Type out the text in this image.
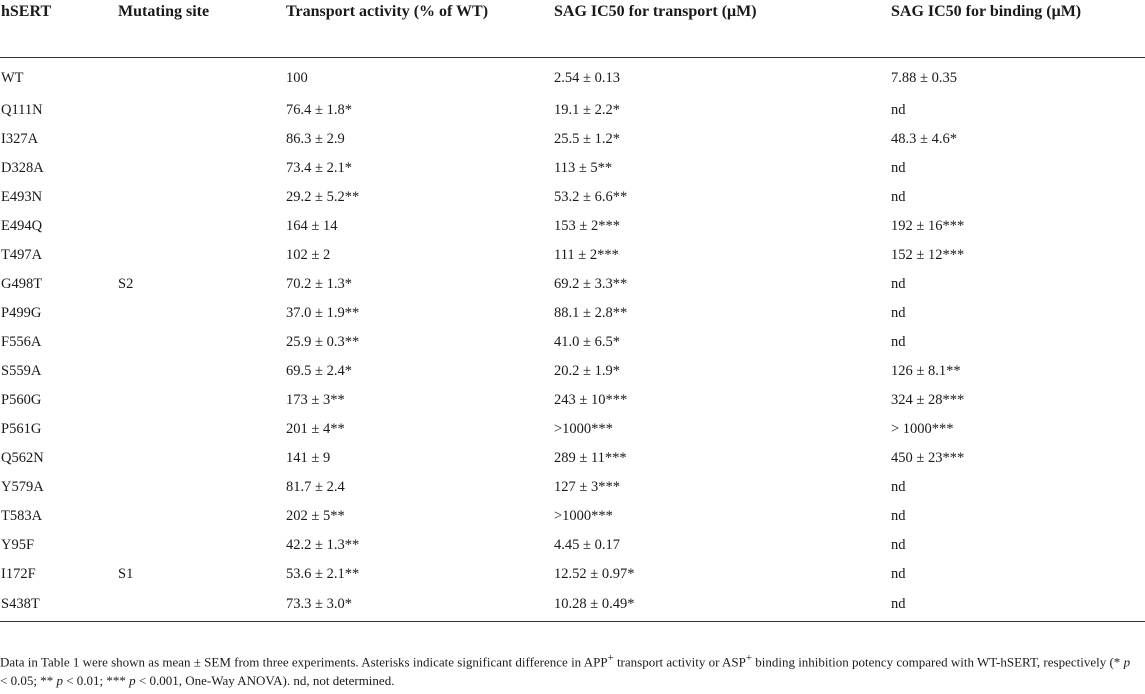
hSERT	Mutating site	Transport activity (% of WT)	SAG IC50 for transport (μM)	SAG IC50 for binding (μM)
WT		100	2.54 ± 0.13	7.88 ± 0.35
Q111N		76.4 ± 1.8*	19.1 ± 2.2*	nd
I327A		86.3 ± 2.9	25.5 ± 1.2*	48.3 ± 4.6*
D328A		73.4 ± 2.1*	113 ± 5**	nd
E493N		29.2 ± 5.2**	53.2 ± 6.6**	nd
E494Q		164 ± 14	153 ± 2***	192 ± 16***
T497A		102 ± 2	111 ± 2***	152 ± 12***
G498T	S2	70.2 ± 1.3*	69.2 ± 3.3**	nd
P499G		37.0 ± 1.9**	88.1 ± 2.8**	nd
F556A		25.9 ± 0.3**	41.0 ± 6.5*	nd
S559A		69.5 ± 2.4*	20.2 ± 1.9*	126 ± 8.1**
P560G		173 ± 3**	243 ± 10***	324 ± 28***
P561G		201 ± 4**	>1000***	> 1000***
Q562N		141 ± 9	289 ± 11***	450 ± 23***
Y579A		81.7 ± 2.4	127 ± 3***	nd
T583A		202 ± 5**	>1000***	nd
Y95F		42.2 ± 1.3**	4.45 ± 0.17	nd
I172F	S1	53.6 ± 2.1**	12.52 ± 0.97*	nd
S438T		73.3 ± 3.0*	10.28 ± 0.49*	nd
Data in Table 1 were shown as mean ± SEM from three experiments. Asterisks indicate significant difference in APP+ transport activity or ASP+ binding inhibition potency compared with WT-hSERT, respectively (* p < 0.05; ** p < 0.01; *** p < 0.001, One-Way ANOVA). nd, not determined.
